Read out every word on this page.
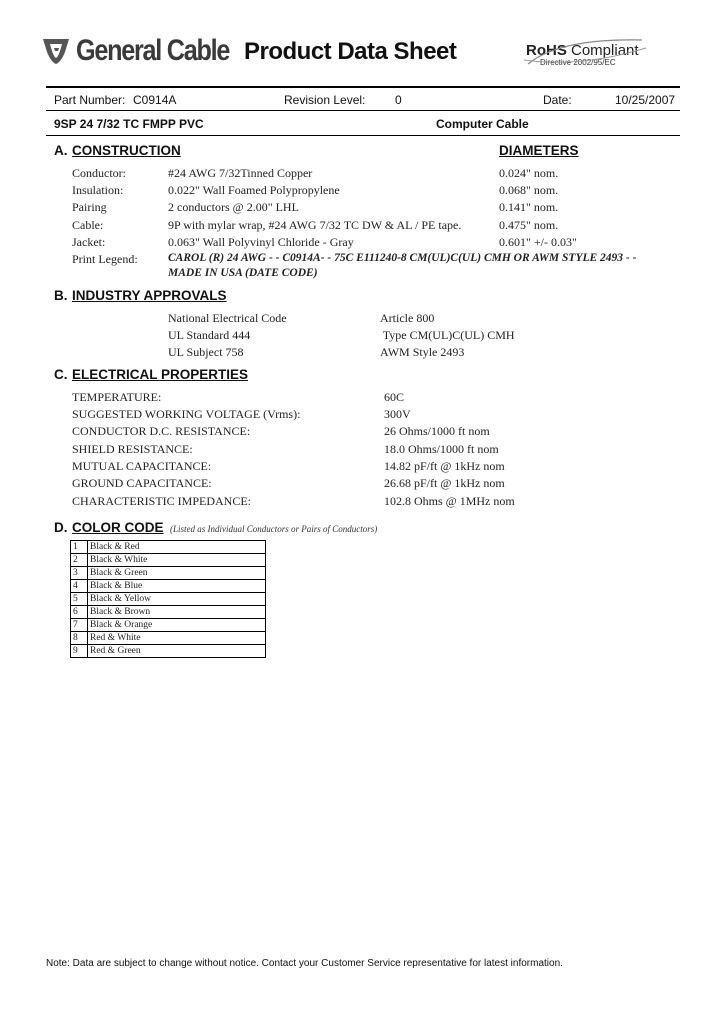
General Cable Product Data Sheet	RoHS Compliant
Directive 2002/95/EC
Part Number: C0914A	Revision Level: 0	Date:	10/25/2007
9SP 24 7/32 TC FMPP PVC	Computer Cable
A. CONSTRUCTION	DIAMETERS
Conductor:	#24 AWG 7/32Tinned Copper	0.024" nom.
Insulation:	0.022" Wall Foamed Polypropylene	0.068" nom.
Pairing	2 conductors @ 2.00" LHL	0.141" nom.
Cable:	9P with mylar wrap, #24 AWG 7/32 TC DW & AL / PE tape.	0.475" nom.
Jacket:	0.063" Wall Polyvinyl Chloride - Gray	0.601" +/- 0.03"
Print Legend:	CAROL (R) 24 AWG - - C0914A- - 75C E111240-8 CM(UL)C(UL) CMH OR AWM STYLE 2493 - -
MADE IN USA (DATE CODE)
B. INDUSTRY APPROVALS
National Electrical Code	Article 800
UL Standard 444	Type CM(UL)C(UL) CMH
UL Subject 758	AWM Style 2493
C. ELECTRICAL PROPERTIES
TEMPERATURE:	60C
SUGGESTED WORKING VOLTAGE (Vrms):	300V
CONDUCTOR D.C. RESISTANCE:	26 Ohms/1000 ft nom
SHIELD RESISTANCE:	18.0 Ohms/1000 ft nom
MUTUAL CAPACITANCE:	14.82 pF/ft @ 1kHz nom
GROUND CAPACITANCE:	26.68 pF/ft @ 1kHz nom
CHARACTERISTIC IMPEDANCE:	102.8 Ohms @ 1MHz nom
D. COLOR CODE (Listed as Individual Conductors or Pairs of Conductors)
1	Black & Red
2	Black & White
3	Black & Green
4	Black & Blue
5	Black & Yellow
6	Black & Brown
7	Black & Orange
8	Red & White
9	Red & Green
Note: Data are subject to change without notice. Contact your Customer Service representative for latest information.
